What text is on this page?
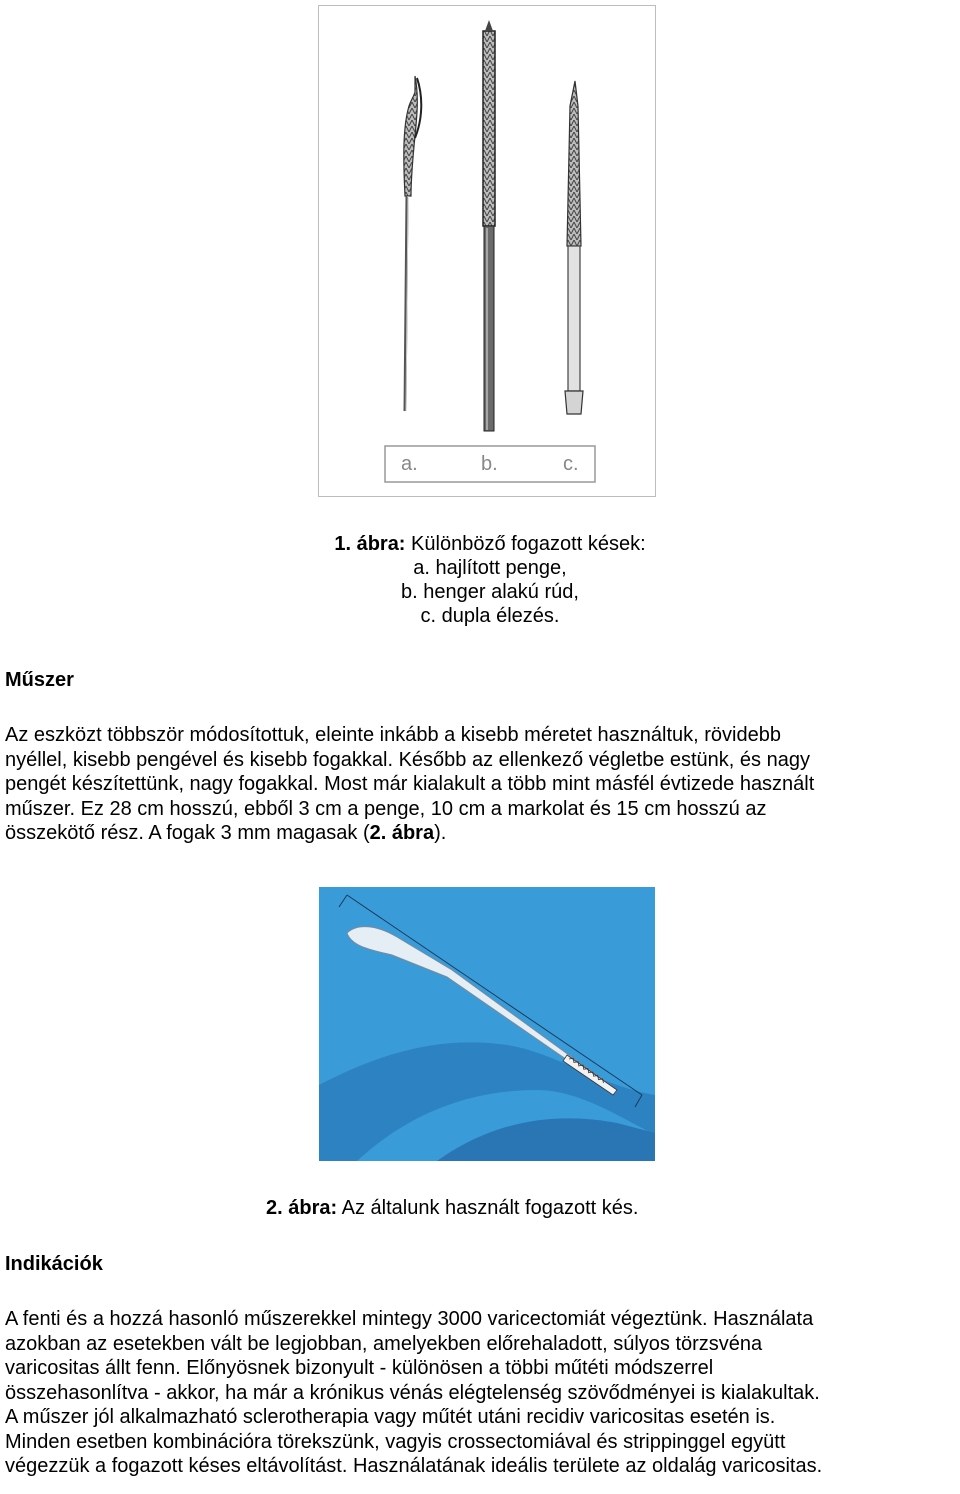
a.	b.	c.
1. ábra: Különböző fogazott kések:
a. hajlított penge,
b. henger alakú rúd,
c. dupla élezés.
Műszer
Az eszközt többször módosítottuk, eleinte inkább a kisebb méretet használtuk, rövidebb
nyéllel, kisebb pengével és kisebb fogakkal. Később az ellenkező végletbe estünk, és nagy
pengét készítettünk, nagy fogakkal. Most már kialakult a több mint másfél évtizede használt
műszer. Ez 28 cm hosszú, ebből 3 cm a penge, 10 cm a markolat és 15 cm hosszú az
összekötő rész. A fogak 3 mm magasak (2. ábra).
2. ábra: Az általunk használt fogazott kés.
Indikációk
A fenti és a hozzá hasonló műszerekkel mintegy 3000 varicectomiát végeztünk. Használata
azokban az esetekben vált be legjobban, amelyekben előrehaladott, súlyos törzsvéna
varicositas állt fenn. Előnyösnek bizonyult - különösen a többi műtéti módszerrel
összehasonlítva - akkor, ha már a krónikus vénás elégtelenség szövődményei is kialakultak.
A műszer jól alkalmazható sclerotherapia vagy műtét utáni recidiv varicositas esetén is.
Minden esetben kombinációra törekszünk, vagyis crossectomiával és strippinggel együtt
végezzük a fogazott késes eltávolítást. Használatának ideális területe az oldalág varicositas.
